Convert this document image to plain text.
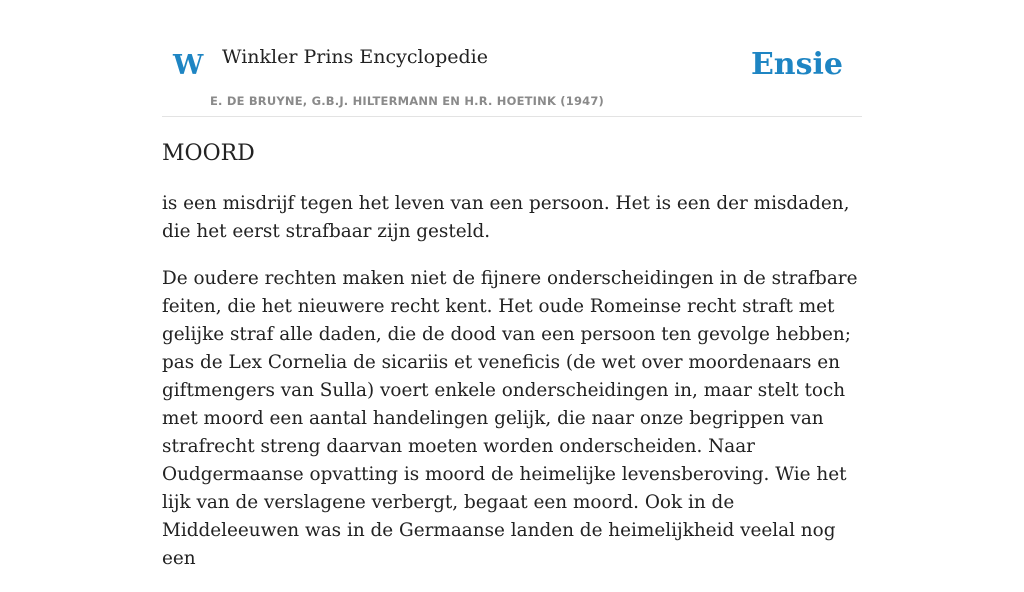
W Winkler Prins Encyclopedie
E. DE BRUYNE, G.B.J. HILTERMANN EN H.R. HOETINK (1947)
Ensie
MOORD

is een misdrijf tegen het leven van een persoon. Het is een der misdaden, die het eerst strafbaar zijn gesteld.

De oudere rechten maken niet de fijnere onderscheidingen in de strafbare feiten, die het nieuwere recht kent. Het oude Romeinse recht straft met gelijke straf alle daden, die de dood van een persoon ten gevolge hebben; pas de Lex Cornelia de sicariis et veneficis (de wet over moordenaars en giftmengers van Sulla) voert enkele onderscheidingen in, maar stelt toch met moord een aantal handelingen gelijk, die naar onze begrippen van strafrecht streng daarvan moeten worden onderscheiden. Naar Oudgermaanse opvatting is moord de heimelijke levensberoving. Wie het lijk van de verslagene verbergt, begaat een moord. Ook in de Middeleeuwen was in de Germaanse landen de heimelijkheid veelal nog een
